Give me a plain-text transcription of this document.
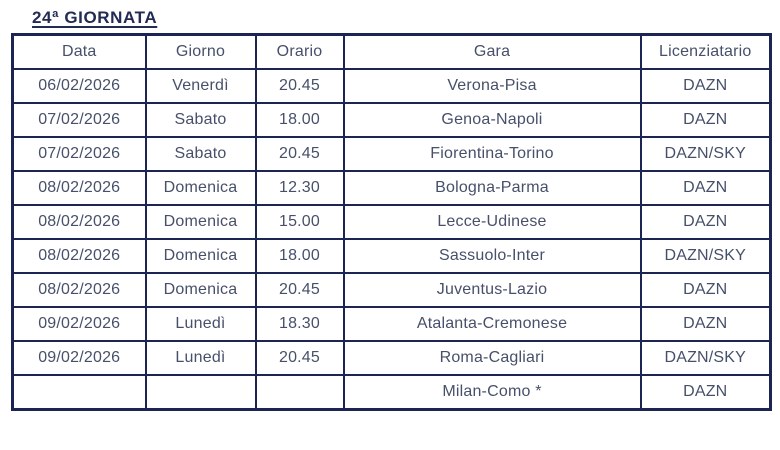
24ª GIORNATA
Data	Giorno	Orario	Gara	Licenziatario
06/02/2026	Venerdì	20.45	Verona-Pisa	DAZN
07/02/2026	Sabato	18.00	Genoa-Napoli	DAZN
07/02/2026	Sabato	20.45	Fiorentina-Torino	DAZN/SKY
08/02/2026	Domenica	12.30	Bologna-Parma	DAZN
08/02/2026	Domenica	15.00	Lecce-Udinese	DAZN
08/02/2026	Domenica	18.00	Sassuolo-Inter	DAZN/SKY
08/02/2026	Domenica	20.45	Juventus-Lazio	DAZN
09/02/2026	Lunedì	18.30	Atalanta-Cremonese	DAZN
09/02/2026	Lunedì	20.45	Roma-Cagliari	DAZN/SKY
			Milan-Como *	DAZN
